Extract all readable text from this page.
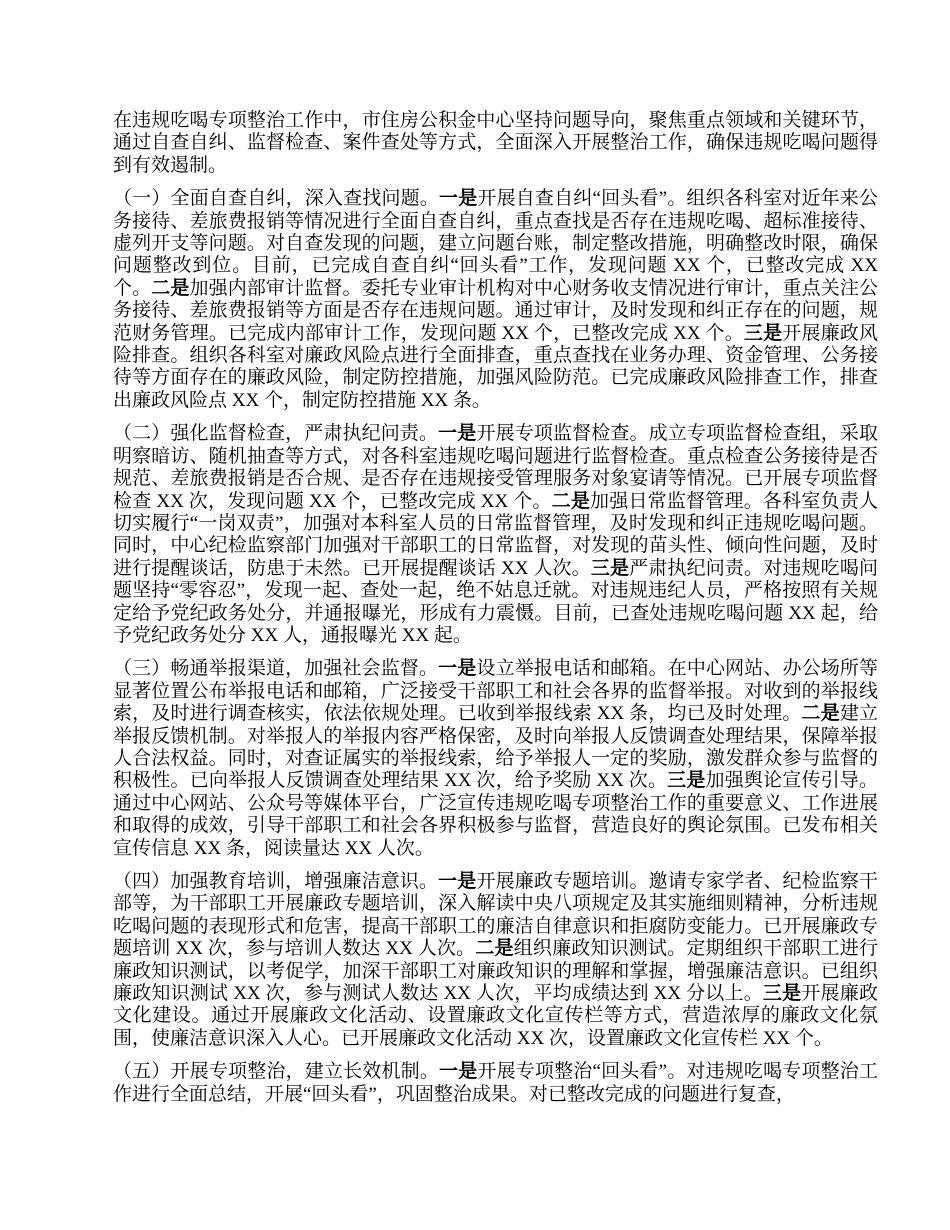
在违规吃喝专项整治工作中，市住房公积金中心坚持问题导向，聚焦重点领域和关键环节，通过自查自纠、监督检查、案件查处等方式，全面深入开展整治工作，确保违规吃喝问题得到有效遏制。

（一）全面自查自纠，深入查找问题。一是开展自查自纠“回头看”。组织各科室对近年来公务接待、差旅费报销等情况进行全面自查自纠，重点查找是否存在违规吃喝、超标准接待、虚列开支等问题。对自查发现的问题，建立问题台账，制定整改措施，明确整改时限，确保问题整改到位。目前，已完成自查自纠“回头看”工作，发现问题 XX 个，已整改完成 XX 个。二是加强内部审计监督。委托专业审计机构对中心财务收支情况进行审计，重点关注公务接待、差旅费报销等方面是否存在违规问题。通过审计，及时发现和纠正存在的问题，规范财务管理。已完成内部审计工作，发现问题 XX 个，已整改完成 XX 个。三是开展廉政风险排查。组织各科室对廉政风险点进行全面排查，重点查找在业务办理、资金管理、公务接待等方面存在的廉政风险，制定防控措施，加强风险防范。已完成廉政风险排查工作，排查出廉政风险点 XX 个，制定防控措施 XX 条。

（二）强化监督检查，严肃执纪问责。一是开展专项监督检查。成立专项监督检查组，采取明察暗访、随机抽查等方式，对各科室违规吃喝问题进行监督检查。重点检查公务接待是否规范、差旅费报销是否合规、是否存在违规接受管理服务对象宴请等情况。已开展专项监督检查 XX 次，发现问题 XX 个，已整改完成 XX 个。二是加强日常监督管理。各科室负责人切实履行“一岗双责”，加强对本科室人员的日常监督管理，及时发现和纠正违规吃喝问题。同时，中心纪检监察部门加强对干部职工的日常监督，对发现的苗头性、倾向性问题，及时进行提醒谈话，防患于未然。已开展提醒谈话 XX 人次。三是严肃执纪问责。对违规吃喝问题坚持“零容忍”，发现一起、查处一起，绝不姑息迁就。对违规违纪人员，严格按照有关规定给予党纪政务处分，并通报曝光，形成有力震慑。目前，已查处违规吃喝问题 XX 起，给予党纪政务处分 XX 人，通报曝光 XX 起。

（三）畅通举报渠道，加强社会监督。一是设立举报电话和邮箱。在中心网站、办公场所等显著位置公布举报电话和邮箱，广泛接受干部职工和社会各界的监督举报。对收到的举报线索，及时进行调查核实，依法依规处理。已收到举报线索 XX 条，均已及时处理。二是建立举报反馈机制。对举报人的举报内容严格保密，及时向举报人反馈调查处理结果，保障举报人合法权益。同时，对查证属实的举报线索，给予举报人一定的奖励，激发群众参与监督的积极性。已向举报人反馈调查处理结果 XX 次，给予奖励 XX 次。三是加强舆论宣传引导。通过中心网站、公众号等媒体平台，广泛宣传违规吃喝专项整治工作的重要意义、工作进展和取得的成效，引导干部职工和社会各界积极参与监督，营造良好的舆论氛围。已发布相关宣传信息 XX 条，阅读量达 XX 人次。

（四）加强教育培训，增强廉洁意识。一是开展廉政专题培训。邀请专家学者、纪检监察干部等，为干部职工开展廉政专题培训，深入解读中央八项规定及其实施细则精神，分析违规吃喝问题的表现形式和危害，提高干部职工的廉洁自律意识和拒腐防变能力。已开展廉政专题培训 XX 次，参与培训人数达 XX 人次。二是组织廉政知识测试。定期组织干部职工进行廉政知识测试，以考促学，加深干部职工对廉政知识的理解和掌握，增强廉洁意识。已组织廉政知识测试 XX 次，参与测试人数达 XX 人次，平均成绩达到 XX 分以上。三是开展廉政文化建设。通过开展廉政文化活动、设置廉政文化宣传栏等方式，营造浓厚的廉政文化氛围，使廉洁意识深入人心。已开展廉政文化活动 XX 次，设置廉政文化宣传栏 XX 个。

（五）开展专项整治，建立长效机制。一是开展专项整治“回头看”。对违规吃喝专项整治工作进行全面总结，开展“回头看”，巩固整治成果。对已整改完成的问题进行复查，
